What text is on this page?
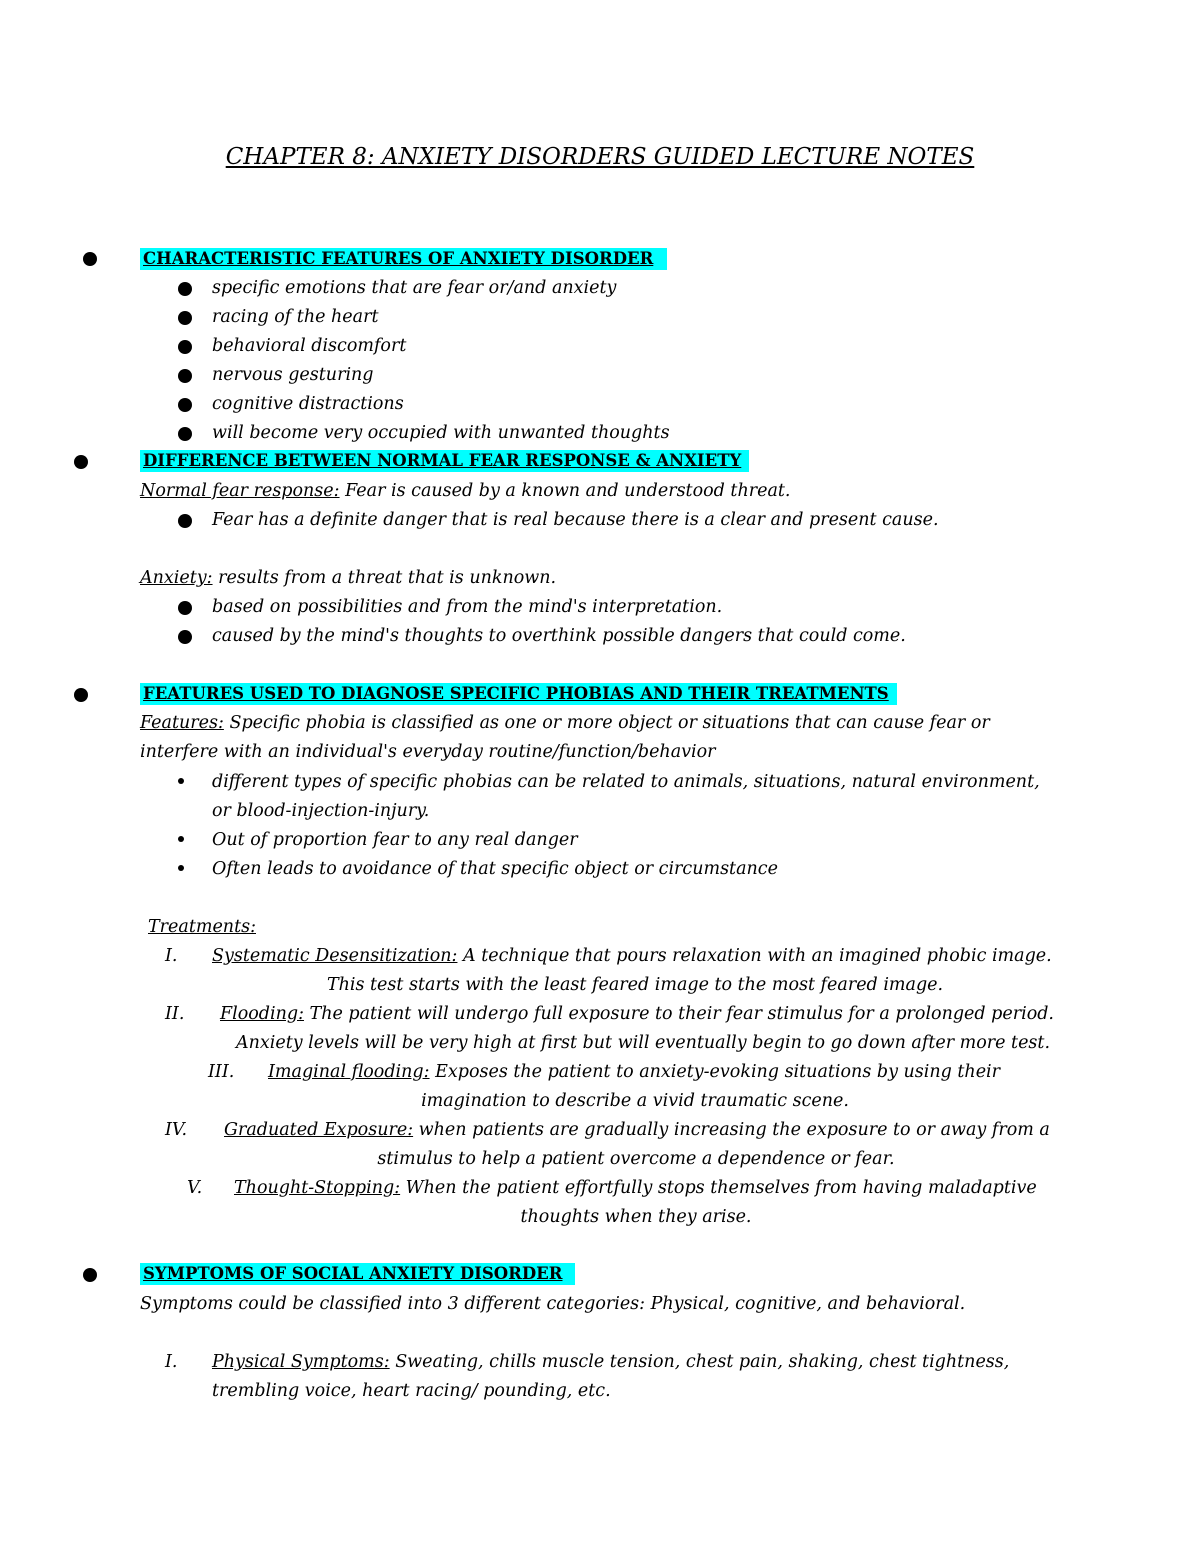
CHAPTER 8: ANXIETY DISORDERS GUIDED LECTURE NOTES
CHARACTERISTIC FEATURES OF ANXIETY DISORDER
specific emotions that are fear or/and anxiety
racing of the heart
behavioral discomfort
nervous gesturing
cognitive distractions
will become very occupied with unwanted thoughts
DIFFERENCE BETWEEN NORMAL FEAR RESPONSE & ANXIETY
Normal fear response: Fear is caused by a known and understood threat.
Fear has a definite danger that is real because there is a clear and present cause.
Anxiety: results from a threat that is unknown.
based on possibilities and from the mind's interpretation.
caused by the mind's thoughts to overthink possible dangers that could come.
FEATURES USED TO DIAGNOSE SPECIFIC PHOBIAS AND THEIR TREATMENTS
Features: Specific phobia is classified as one or more object or situations that can cause fear or
interfere with an individual's everyday routine/function/behavior
different types of specific phobias can be related to animals, situations, natural environment,
or blood-injection-injury.
Out of proportion fear to any real danger
Often leads to avoidance of that specific object or circumstance
Treatments:
I. Systematic Desensitization: A technique that pours relaxation with an imagined phobic image.
This test starts with the least feared image to the most feared image.
II. Flooding: The patient will undergo full exposure to their fear stimulus for a prolonged period.
Anxiety levels will be very high at first but will eventually begin to go down after more test.
III. Imaginal flooding: Exposes the patient to anxiety-evoking situations by using their
imagination to describe a vivid traumatic scene.
IV. Graduated Exposure: when patients are gradually increasing the exposure to or away from a
stimulus to help a patient overcome a dependence or fear.
V. Thought-Stopping: When the patient effortfully stops themselves from having maladaptive
thoughts when they arise.
SYMPTOMS OF SOCIAL ANXIETY DISORDER
Symptoms could be classified into 3 different categories: Physical, cognitive, and behavioral.
I. Physical Symptoms: Sweating, chills muscle tension, chest pain, shaking, chest tightness,
trembling voice, heart racing/ pounding, etc.
